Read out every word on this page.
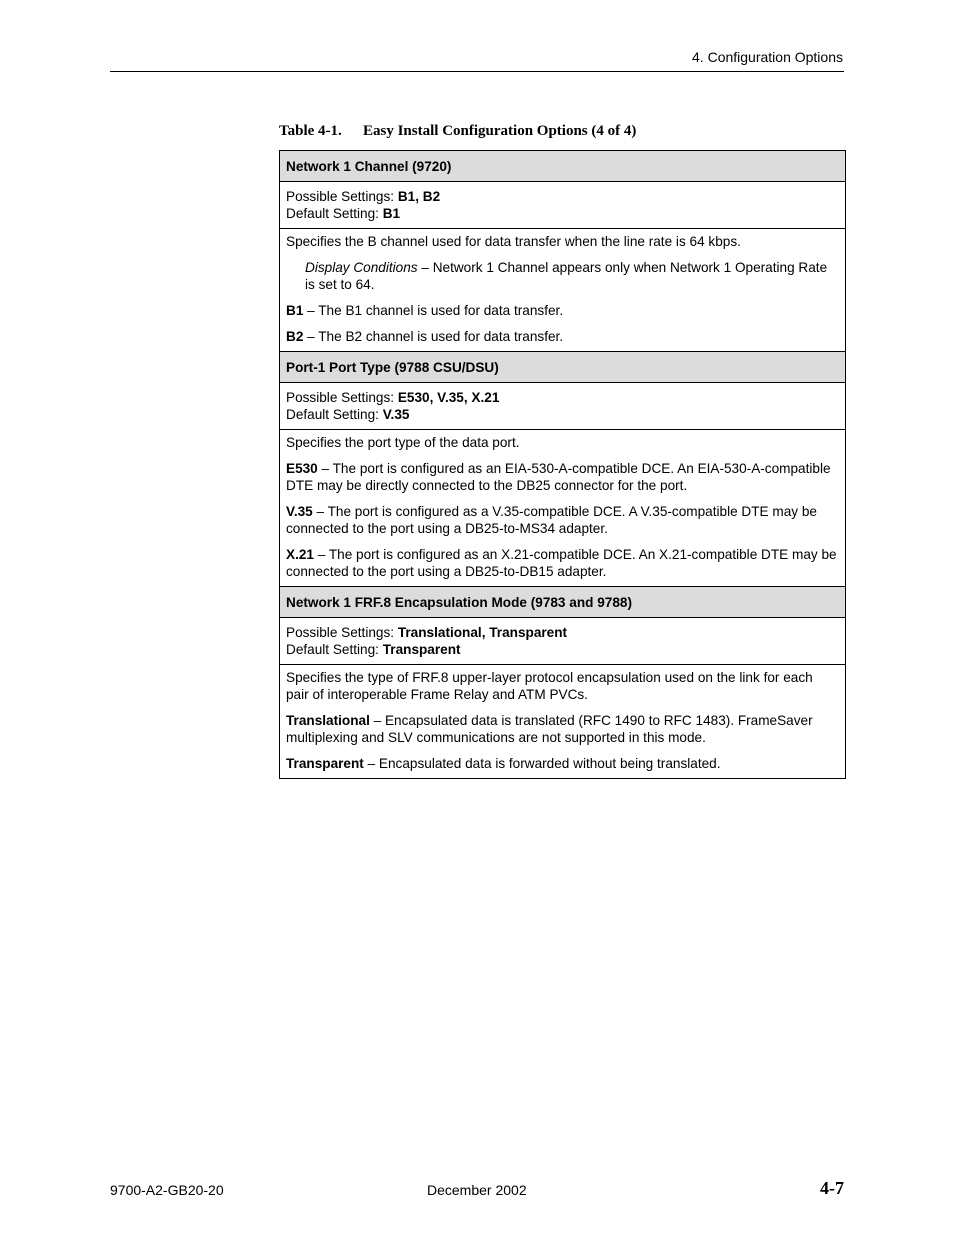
4. Configuration Options
Table 4-1. Easy Install Configuration Options (4 of 4)
Network 1 Channel (9720)

Possible Settings: B1, B2

Default Setting: B1

Specifies the B channel used for data transfer when the line rate is 64 kbps.

Display Conditions – Network 1 Channel appears only when Network 1 Operating Rate is set to 64.

B1 – The B1 channel is used for data transfer.

B2 – The B2 channel is used for data transfer.

Port-1 Port Type (9788 CSU/DSU)

Possible Settings: E530, V.35, X.21

Default Setting: V.35

Specifies the port type of the data port.

E530 – The port is configured as an EIA-530-A-compatible DCE. An EIA-530-A-compatible DTE may be directly connected to the DB25 connector for the port.

V.35 – The port is configured as a V.35-compatible DCE. A V.35-compatible DTE may be connected to the port using a DB25-to-MS34 adapter.

X.21 – The port is configured as an X.21-compatible DCE. An X.21-compatible DTE may be connected to the port using a DB25-to-DB15 adapter.

Network 1 FRF.8 Encapsulation Mode (9783 and 9788)

Possible Settings: Translational, Transparent

Default Setting: Transparent

Specifies the type of FRF.8 upper-layer protocol encapsulation used on the link for each pair of interoperable Frame Relay and ATM PVCs.

Translational – Encapsulated data is translated (RFC 1490 to RFC 1483). FrameSaver multiplexing and SLV communications are not supported in this mode.

Transparent – Encapsulated data is forwarded without being translated.

9700-A2-GB20-20	December 2002	4-7
